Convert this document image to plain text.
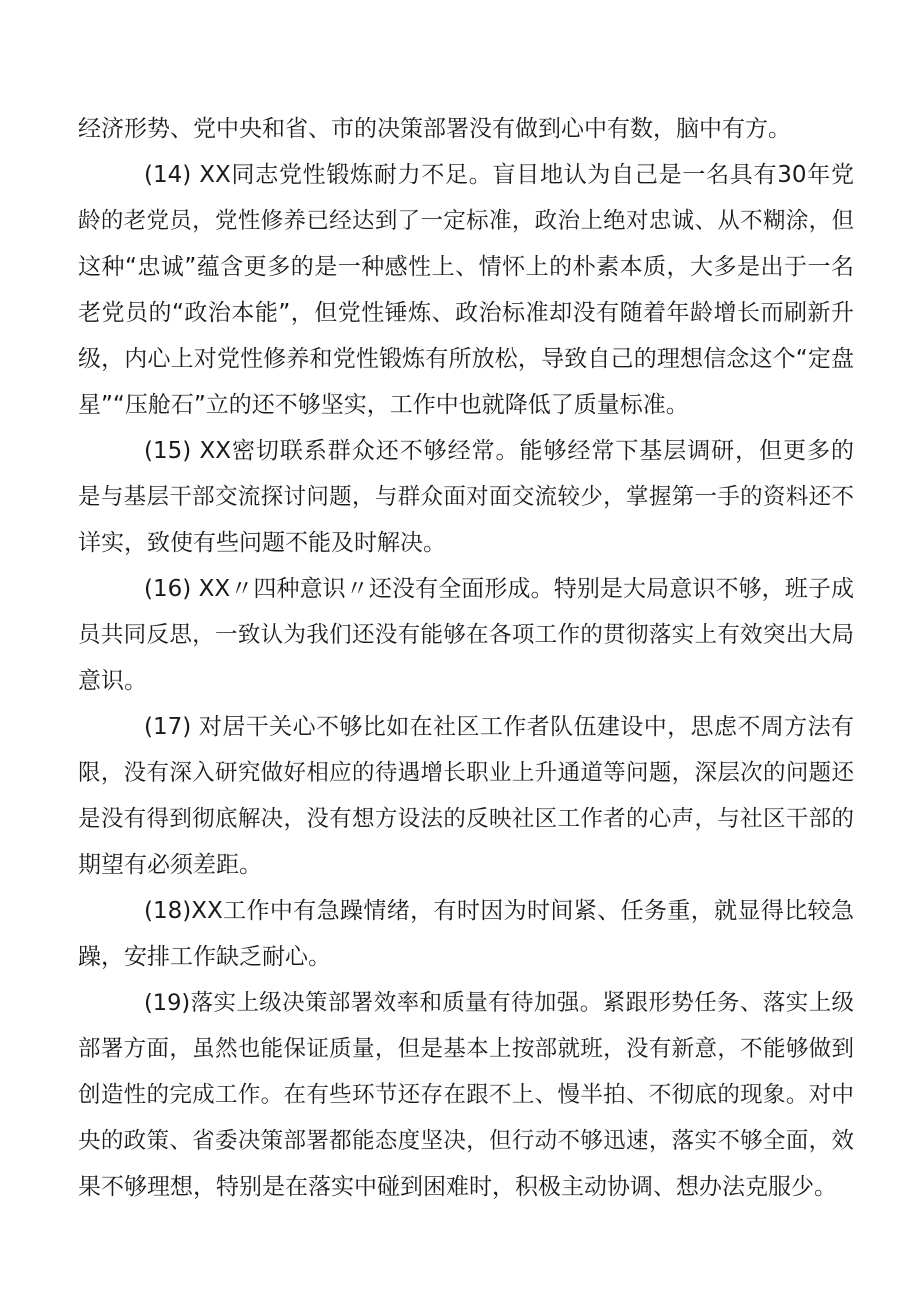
经济形势、党中央和省、市的决策部署没有做到心中有数，脑中有方。

(14) XX同志党性锻炼耐力不足。盲目地认为自己是一名具有30年党

龄的老党员，党性修养已经达到了一定标准，政治上绝对忠诚、从不糊涂，但

这种“忠诚”蕴含更多的是一种感性上、情怀上的朴素本质，大多是出于一名

老党员的“政治本能”，但党性锤炼、政治标准却没有随着年龄增长而刷新升

级，内心上对党性修养和党性锻炼有所放松，导致自己的理想信念这个“定盘

星”“压舱石”立的还不够坚实，工作中也就降低了质量标准。

(15) XX密切联系群众还不够经常。能够经常下基层调研，但更多的

是与基层干部交流探讨问题，与群众面对面交流较少，掌握第一手的资料还不

详实，致使有些问题不能及时解决。

(16) XX〃四种意识〃还没有全面形成。特别是大局意识不够，班子成

员共同反思，一致认为我们还没有能够在各项工作的贯彻落实上有效突出大局

意识。

(17) 对居干关心不够比如在社区工作者队伍建设中，思虑不周方法有

限，没有深入研究做好相应的待遇增长职业上升通道等问题，深层次的问题还

是没有得到彻底解决，没有想方设法的反映社区工作者的心声，与社区干部的

期望有必须差距。

(18)XX工作中有急躁情绪，有时因为时间紧、任务重，就显得比较急

躁，安排工作缺乏耐心。

(19)落实上级决策部署效率和质量有待加强。紧跟形势任务、落实上级

部署方面，虽然也能保证质量，但是基本上按部就班，没有新意，不能够做到

创造性的完成工作。在有些环节还存在跟不上、慢半拍、不彻底的现象。对中

央的政策、省委决策部署都能态度坚决，但行动不够迅速，落实不够全面，效

果不够理想，特别是在落实中碰到困难时，积极主动协调、想办法克服少。
